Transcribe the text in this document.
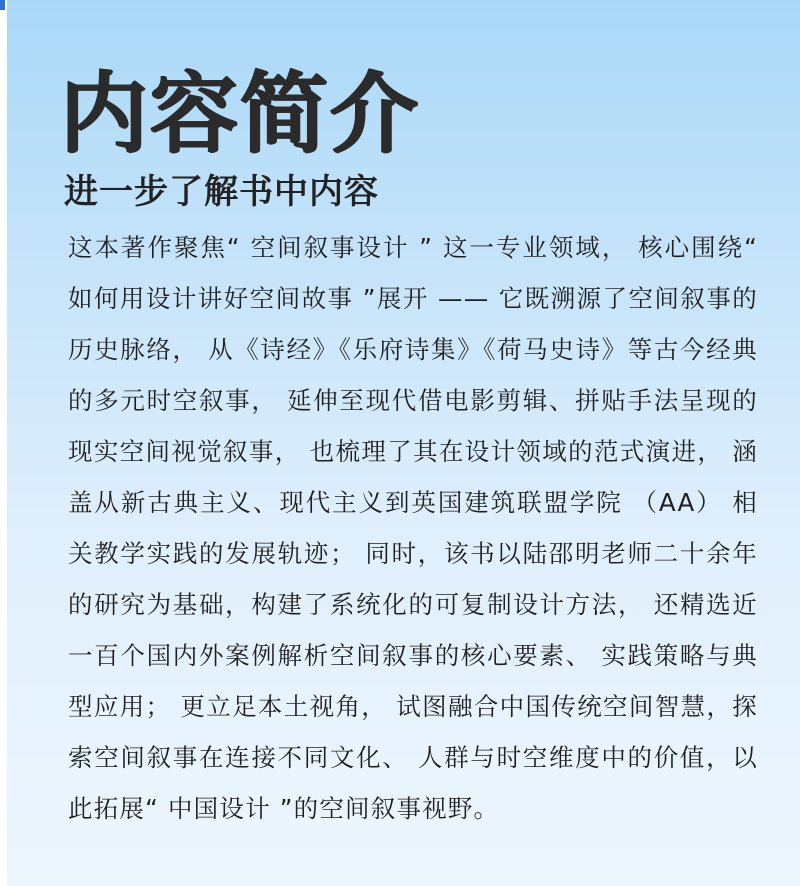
内容简介
进一步了解书中内容

这本著作聚焦“ 空间叙事设计 ” 这一专业领域， 核心围绕“ 如何用设计讲好空间故事 ”展开 —— 它既溯源了空间叙事的历史脉络， 从《诗经》《乐府诗集》《荷马史诗》等古今经典的多元时空叙事， 延伸至现代借电影剪辑、拼贴手法呈现的现实空间视觉叙事， 也梳理了其在设计领域的范式演进， 涵盖从新古典主义、现代主义到英国建筑联盟学院 （AA） 相关教学实践的发展轨迹； 同时，该书以陆邵明老师二十余年的研究为基础，构建了系统化的可复制设计方法， 还精选近一百个国内外案例解析空间叙事的核心要素、 实践策略与典型应用； 更立足本土视角， 试图融合中国传统空间智慧，探索空间叙事在连接不同文化、 人群与时空维度中的价值，以此拓展“ 中国设计 ”的空间叙事视野。
